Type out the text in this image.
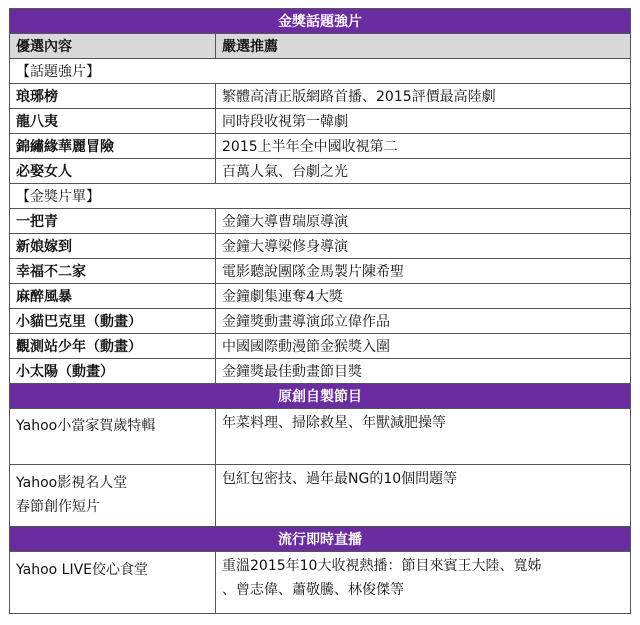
金獎話題強片	
優選內容	嚴選推薦
【話題強片】	
琅琊榜	繁體高清正版網路首播、2015評價最高陸劇
龍八夷	同時段收視第一韓劇
錦繡緣華麗冒險	2015上半年全中國收視第二
必娶女人	百萬人氣、台劇之光
【金獎片單】	
一把青	金鐘大導曹瑞原導演
新娘嫁到	金鐘大導梁修身導演
幸福不二家	電影聽說團隊金馬製片陳希聖
麻醉風暴	金鐘劇集連奪4大獎
小貓巴克里（動畫）	金鐘獎動畫導演邱立偉作品
觀測站少年（動畫）	中國國際動漫節金猴獎入圍
小太陽（動畫）	金鐘獎最佳動畫節目獎
原創自製節目	
Yahoo小當家賀歲特輯	年菜料理、掃除救星、年獸減肥操等

Yahoo影視名人堂
春節創作短片	包紅包密技、過年最NG的10個問題等
流行即時直播	
Yahoo LIVE佼心食堂	重溫2015年10大收視熱播：節目來賓王大陸、寬姊
、曾志偉、蕭敬騰、林俊傑等
